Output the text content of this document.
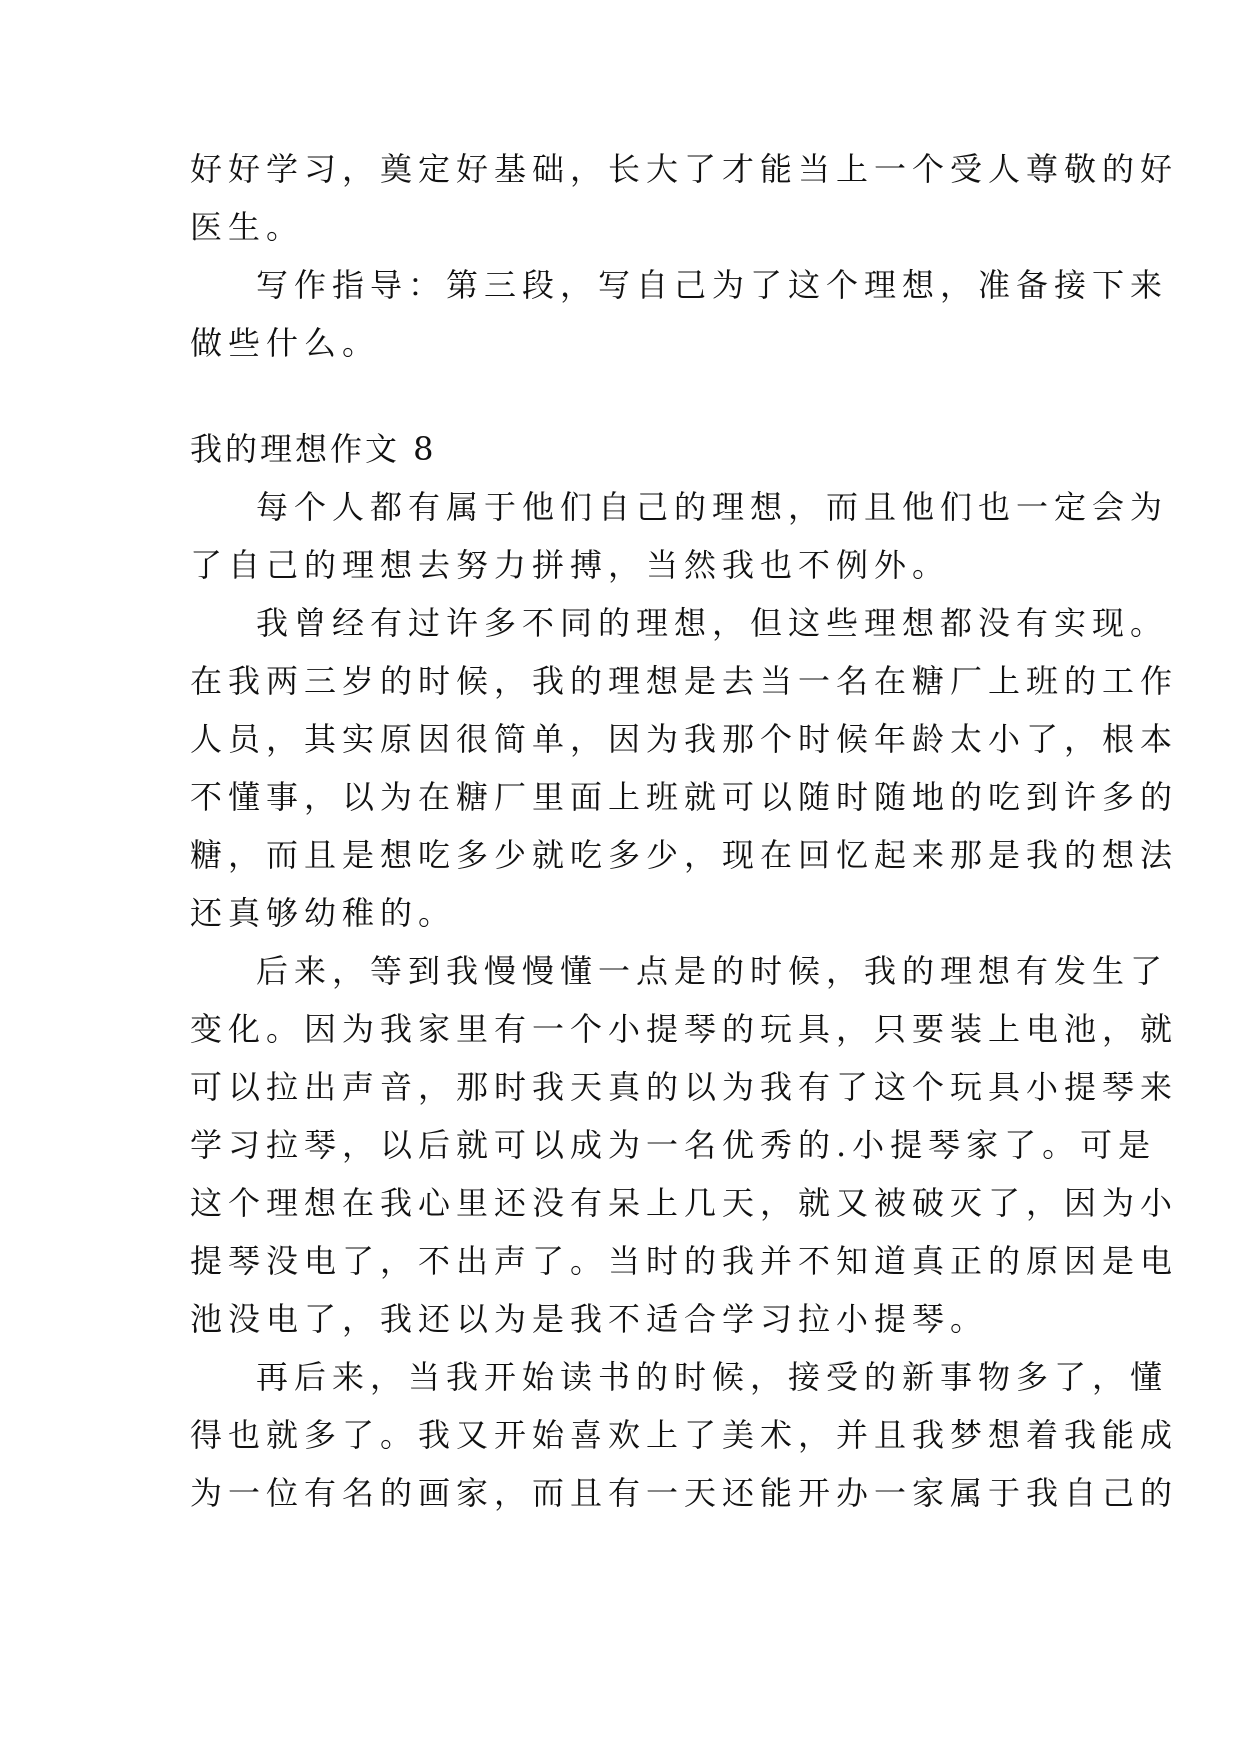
好好学习，奠定好基础，长大了才能当上一个受人尊敬的好
医生。
写作指导：第三段，写自己为了这个理想，准备接下来
做些什么。
我的理想作文 8
每个人都有属于他们自己的理想，而且他们也一定会为
了自己的理想去努力拼搏，当然我也不例外。
我曾经有过许多不同的理想，但这些理想都没有实现。
在我两三岁的时候，我的理想是去当一名在糖厂上班的工作
人员，其实原因很简单，因为我那个时候年龄太小了，根本
不懂事，以为在糖厂里面上班就可以随时随地的吃到许多的
糖，而且是想吃多少就吃多少，现在回忆起来那是我的想法
还真够幼稚的。
后来，等到我慢慢懂一点是的时候，我的理想有发生了
变化。因为我家里有一个小提琴的玩具，只要装上电池，就
可以拉出声音，那时我天真的以为我有了这个玩具小提琴来
学习拉琴，以后就可以成为一名优秀的.小提琴家了。可是
这个理想在我心里还没有呆上几天，就又被破灭了，因为小
提琴没电了，不出声了。当时的我并不知道真正的原因是电
池没电了，我还以为是我不适合学习拉小提琴。
再后来，当我开始读书的时候，接受的新事物多了，懂
得也就多了。我又开始喜欢上了美术，并且我梦想着我能成
为一位有名的画家，而且有一天还能开办一家属于我自己的
